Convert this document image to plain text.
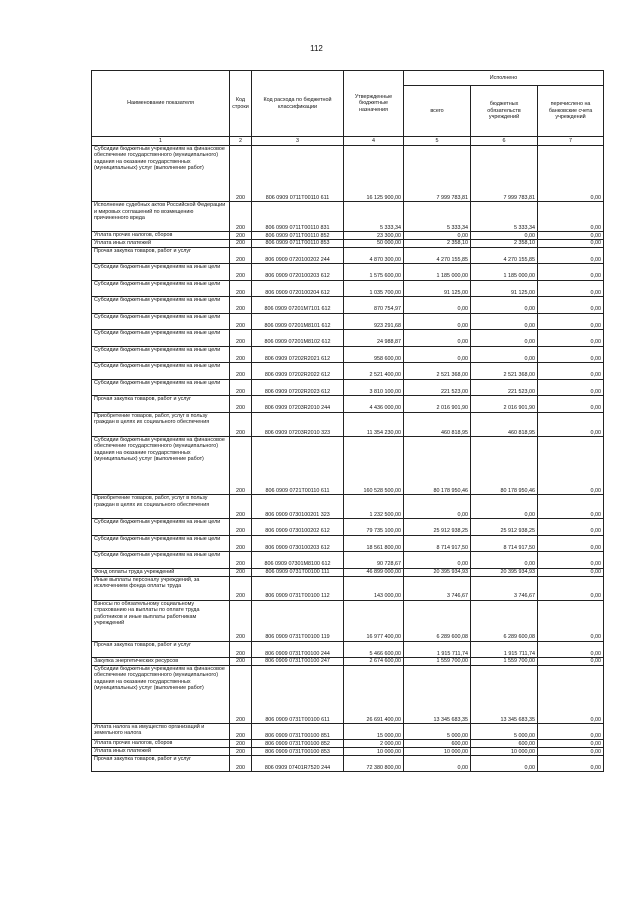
112
Наименование показателя	Код строки	Код расхода по бюджетной классификации	Утвержденные бюджетные назначения	Исполнено		
				всего	бюджетных обязательств учреждений	перечислено на банковские счета учреждений
1	2	3	4	5	6	7
Субсидии бюджетным учреждениям на финансовое обеспечение государственного (муниципального) задания на оказание государственных (муниципальных) услуг (выполнение работ)	200	806 0909 0711T00110 611	16 125 900,00	7 999 783,81	7 999 783,81	0,00
Исполнение судебных актов Российской Федерации и мировых соглашений по возмещению причиненного вреда	200	806 0909 0711T00110 831	5 333,34	5 333,34	5 333,34	0,00
Уплата прочих налогов, сборов	200	806 0909 0711T00110 852	23 300,00	0,00	0,00	0,00
Уплата иных платежей	200	806 0909 0711T00110 853	50 000,00	2 358,10	2 358,10	0,00
Прочая закупка товаров, работ и услуг	200	806 0909 0720100202 244	4 870 300,00	4 270 155,85	4 270 155,85	0,00
Субсидии бюджетным учреждениям на иные цели	200	806 0909 0720100203 612	1 575 600,00	1 185 000,00	1 185 000,00	0,00
Субсидии бюджетным учреждениям на иные цели	200	806 0909 0720100204 612	1 035 700,00	91 125,00	91 125,00	0,00
Субсидии бюджетным учреждениям на иные цели	200	806 0909 07201M7101 612	870 754,97	0,00	0,00	0,00
Субсидии бюджетным учреждениям на иные цели	200	806 0909 07201M8101 612	923 291,68	0,00	0,00	0,00
Субсидии бюджетным учреждениям на иные цели	200	806 0909 07201M8102 612	24 988,87	0,00	0,00	0,00
Субсидии бюджетным учреждениям на иные цели	200	806 0909 07202R2021 612	958 600,00	0,00	0,00	0,00
Субсидии бюджетным учреждениям на иные цели	200	806 0909 07202R2022 612	2 521 400,00	2 521 368,00	2 521 368,00	0,00
Субсидии бюджетным учреждениям на иные цели	200	806 0909 07202R2023 612	3 810 100,00	221 523,00	221 523,00	0,00
Прочая закупка товаров, работ и услуг	200	806 0909 07203R2010 244	4 436 000,00	2 016 901,90	2 016 901,90	0,00
Приобретение товаров, работ, услуг в пользу граждан в целях их социального обеспечения	200	806 0909 07203R2010 323	11 354 230,00	460 818,95	460 818,95	0,00
Субсидии бюджетным учреждениям на финансовое обеспечение государственного (муниципального) задания на оказание государственных (муниципальных) услуг (выполнение работ)	200	806 0909 0721T00110 611	160 528 500,00	80 178 950,46	80 178 950,46	0,00
Приобретение товаров, работ, услуг в пользу граждан в целях их социального обеспечения	200	806 0909 0730100201 323	1 232 500,00	0,00	0,00	0,00
Субсидии бюджетным учреждениям на иные цели	200	806 0909 0730100202 612	79 735 100,00	25 912 938,25	25 912 938,25	0,00
Субсидии бюджетным учреждениям на иные цели	200	806 0909 0730100203 612	18 561 800,00	8 714 917,50	8 714 917,50	0,00
Субсидии бюджетным учреждениям на иные цели	200	806 0909 07301M8100 612	90 728,67	0,00	0,00	0,00
Фонд оплаты труда учреждений	200	806 0909 0731T00100 111	46 899 000,00	20 395 934,93	20 395 934,93	0,00
Иные выплаты персоналу учреждений, за исключением фонда оплаты труда	200	806 0909 0731T00100 112	143 000,00	3 746,67	3 746,67	0,00
Взносы по обязательному социальному страхованию на выплаты по оплате труда работников и иные выплаты работникам учреждений	200	806 0909 0731T00100 119	16 977 400,00	6 289 600,08	6 289 600,08	0,00
Прочая закупка товаров, работ и услуг	200	806 0909 0731T00100 244	5 466 600,00	1 915 711,74	1 915 711,74	0,00
Закупка энергетических ресурсов	200	806 0909 0731T00100 247	2 674 600,00	1 559 700,00	1 559 700,00	0,00
Субсидии бюджетным учреждениям на финансовое обеспечение государственного (муниципального) задания на оказание государственных (муниципальных) услуг (выполнение работ)	200	806 0909 0731T00100 611	26 691 400,00	13 345 683,35	13 345 683,35	0,00
Уплата налога на имущество организаций и земельного налога	200	806 0909 0731T00100 851	15 000,00	5 000,00	5 000,00	0,00
Уплата прочих налогов, сборов	200	806 0909 0731T00100 852	2 000,00	600,00	600,00	0,00
Уплата иных платежей	200	806 0909 0731T00100 853	10 000,00	10 000,00	10 000,00	0,00
Прочая закупка товаров, работ и услуг	200	806 0909 07401R7520 244	72 380 800,00	0,00	0,00	0,00
